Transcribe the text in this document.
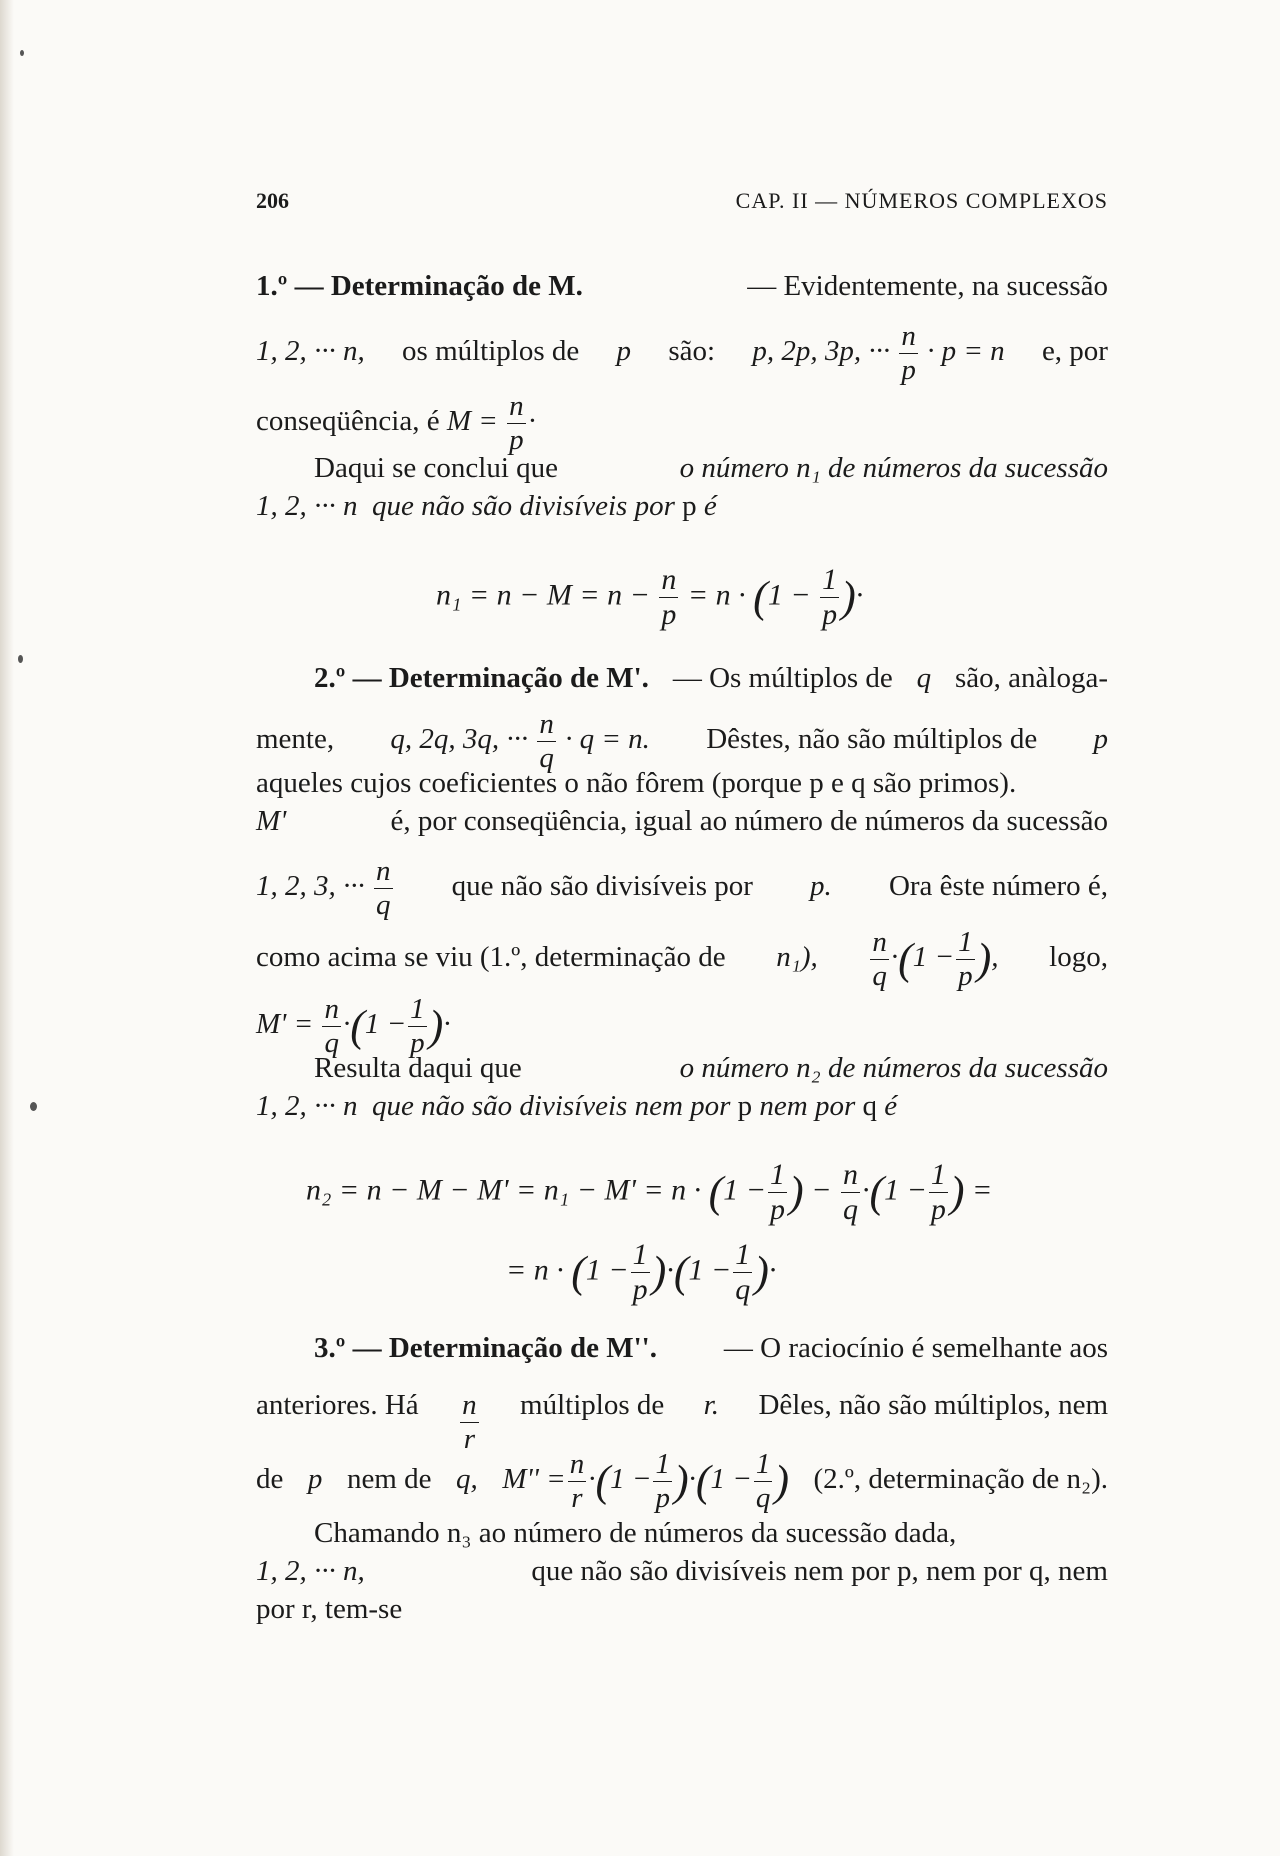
206	CAP. II — NÚMEROS COMPLEXOS
1.º — Determinação de M.	— Evidentemente, na sucessão
1, 2, ··· n, os múltiplos de p são: p, 2p, 3p, ··· $\frac{n}{p} \cdot p = n$ e, por
conseqüência, é $M = \frac{n}{p}$ ·
Daqui se conclui que	o número n₁ de números da sucessão
1, 2, ··· n que não são divisíveis por p é
$n_1 = n - M = n - \frac{n}{p} = n \cdot (1 - \frac{1}{p}$ )·
2.º — Determinação de M'. — Os múltiplos de q são, anàloga-
mente, q, 2q, 3q, ··· $\frac{n}{q} \cdot q = n$. Dêstes, não são múltiplos de p
aqueles cujos coeficientes o não fôrem (porque p e q são primos).
M'	é, por conseqüência, igual ao número de números da sucessão
1, 2, 3, ··· $\frac{n}{q}$ que não são divisíveis por p. Ora êste número é,
como acima se viu (1.º, determinação de n₁), $\frac{n}{q} \cdot(1 - \frac{1}{p}$ ), logo,
$M' = \frac{n}{q} \cdot(1 - \frac{1}{p}$ )·
Resulta daqui que	o número n₂ de números da sucessão
1, 2, ··· n que não são divisíveis nem por p nem por q é
$n_2 = n - M - M' = n_1 - M' = n \cdot (1 - \frac{1}{p}$ ) − $\frac{n}{q} \cdot(1 - \frac{1}{p}$ ) =
= $n \cdot (1 - \frac{1}{p} )\cdot(1 - \frac{1}{q}$ )·
3.º — Determinação de M''. — O raciocínio é semelhante aos
anteriores. Há $\frac{n}{r}$ múltiplos de r. Dêles, não são múltiplos, nem
de p nem de q, $M'' = \frac{n}{r} \cdot(1 - \frac{1}{p} )\cdot(1 - \frac{1}{q}$ ) (2.º, determinação de n₂).
Chamando n₃ ao número de números da sucessão dada,
1, 2, ··· n,	que não são divisíveis nem por p, nem por q, nem
por r, tem-se
